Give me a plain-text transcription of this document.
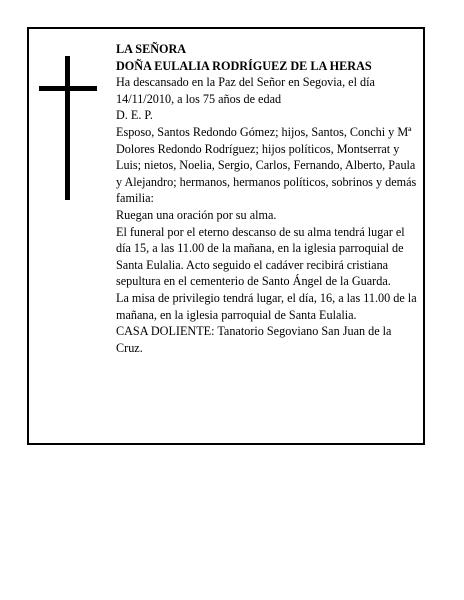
LA SEÑORA

DOÑA EULALIA RODRÍGUEZ DE LA HERAS

Ha descansado en la Paz del Señor en Segovia, el día 14/11/2010, a los 75 años de edad

D. E. P.

Esposo, Santos Redondo Gómez; hijos, Santos, Conchi y Mª Dolores Redondo Rodríguez; hijos políticos, Montserrat y Luis; nietos, Noelia, Sergio, Carlos, Fernando, Alberto, Paula y Alejandro; hermanos, hermanos políticos, sobrinos y demás familia:

Ruegan una oración por su alma.

El funeral por el eterno descanso de su alma tendrá lugar el día 15, a las 11.00 de la mañana, en la iglesia parroquial de Santa Eulalia. Acto seguido el cadáver recibirá cristiana sepultura en el cementerio de Santo Ángel de la Guarda.

La misa de privilegio tendrá lugar, el día, 16, a las 11.00 de la mañana, en la iglesia parroquial de Santa Eulalia.

CASA DOLIENTE: Tanatorio Segoviano San Juan de la Cruz.
